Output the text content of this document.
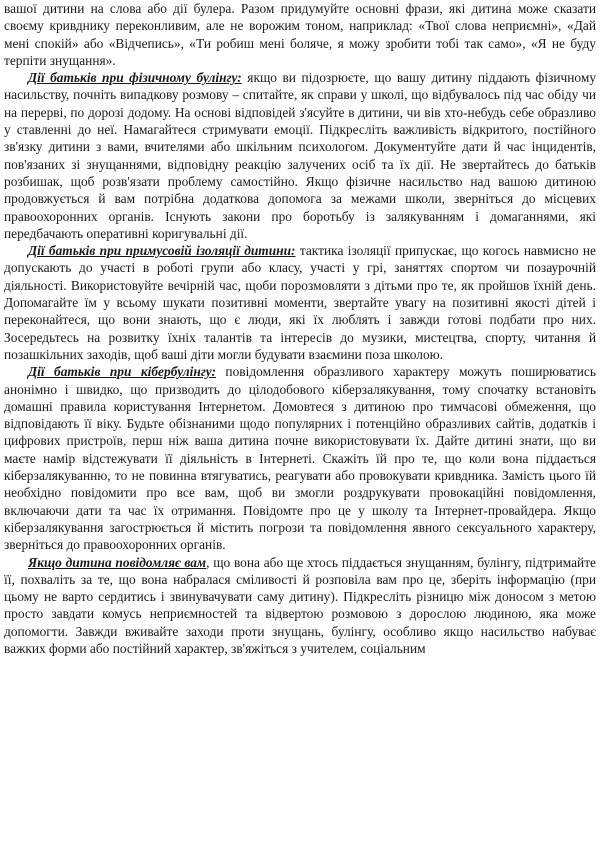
вашої дитини на слова або дії булера. Разом придумуйте основні фрази, які дитина може сказати своєму кривднику переконливим, але не ворожим тоном, наприклад: «Твої слова неприємні», «Дай мені спокій» або «Відчепись», «Ти робиш мені боляче, я можу зробити тобі так само», «Я не буду терпіти знущання».

Дії батьків при фізичному булінгу: якщо ви підозрюєте, що вашу дитину піддають фізичному насильству, почніть випадкову розмову – спитайте, як справи у школі, що відбувалось під час обіду чи на перерві, по дорозі додому. На основі відповідей з'ясуйте в дитини, чи вів хто-небудь себе образливо у ставленні до неї. Намагайтеся стримувати емоції. Підкресліть важливість відкритого, постійного зв'язку дитини з вами, вчителями або шкільним психологом. Документуйте дати й час інцидентів, пов'язаних зі знущаннями, відповідну реакцію залучених осіб та їх дії. Не звертайтесь до батьків розбишак, щоб розв'язати проблему самостійно. Якщо фізичне насильство над вашою дитиною продовжується й вам потрібна додаткова допомога за межами школи, зверніться до місцевих правоохоронних органів. Існують закони про боротьбу із залякуванням і домаганнями, які передбачають оперативні коригувальні дії.

Дії батьків при примусовій ізоляції дитини: тактика ізоляції припускає, що когось навмисно не допускають до участі в роботі групи або класу, участі у грі, заняттях спортом чи позаурочній діяльності. Використовуйте вечірній час, щоби порозмовляти з дітьми про те, як пройшов їхній день. Допомагайте їм у всьому шукати позитивні моменти, звертайте увагу на позитивні якості дітей і переконайтеся, що вони знають, що є люди, які їх люблять і завжди готові подбати про них. Зосередьтесь на розвитку їхніх талантів та інтересів до музики, мистецтва, спорту, читання й позашкільних заходів, щоб ваші діти могли будувати взаємини поза школою.

Дії батьків при кібербулінгу: повідомлення образливого характеру можуть поширюватись анонімно і швидко, що призводить до цілодобового кіберзалякування, тому спочатку встановіть домашні правила користування Інтернетом. Домовтеся з дитиною про тимчасові обмеження, що відповідають її віку. Будьте обізнаними щодо популярних і потенційно образливих сайтів, додатків і цифрових пристроїв, перш ніж ваша дитина почне використовувати їх. Дайте дитині знати, що ви маєте намір відстежувати її діяльність в Інтернеті. Скажіть їй про те, що коли вона піддається кіберзалякуванню, то не повинна втягуватись, реагувати або провокувати кривдника. Замість цього їй необхідно повідомити про все вам, щоб ви змогли роздрукувати провокаційні повідомлення, включаючи дати та час їх отримання. Повідомте про це у школу та Інтернет-провайдера. Якщо кіберзалякування загострюється й містить погрози та повідомлення явного сексуального характеру, зверніться до правоохоронних органів.

Якщо дитина повідомляє вам, що вона або ще хтось піддається знущанням, булінгу, підтримайте її, похваліть за те, що вона набралася сміливості й розповіла вам про це, зберіть інформацію (при цьому не варто сердитись і звинувачувати саму дитину). Підкресліть різницю між доносом з метою просто завдати комусь неприємностей та відвертою розмовою з дорослою людиною, яка може допомогти. Завжди вживайте заходи проти знущань, булінгу, особливо якщо насильство набуває важких форми або постійний характер, зв'яжіться з учителем, соціальним
